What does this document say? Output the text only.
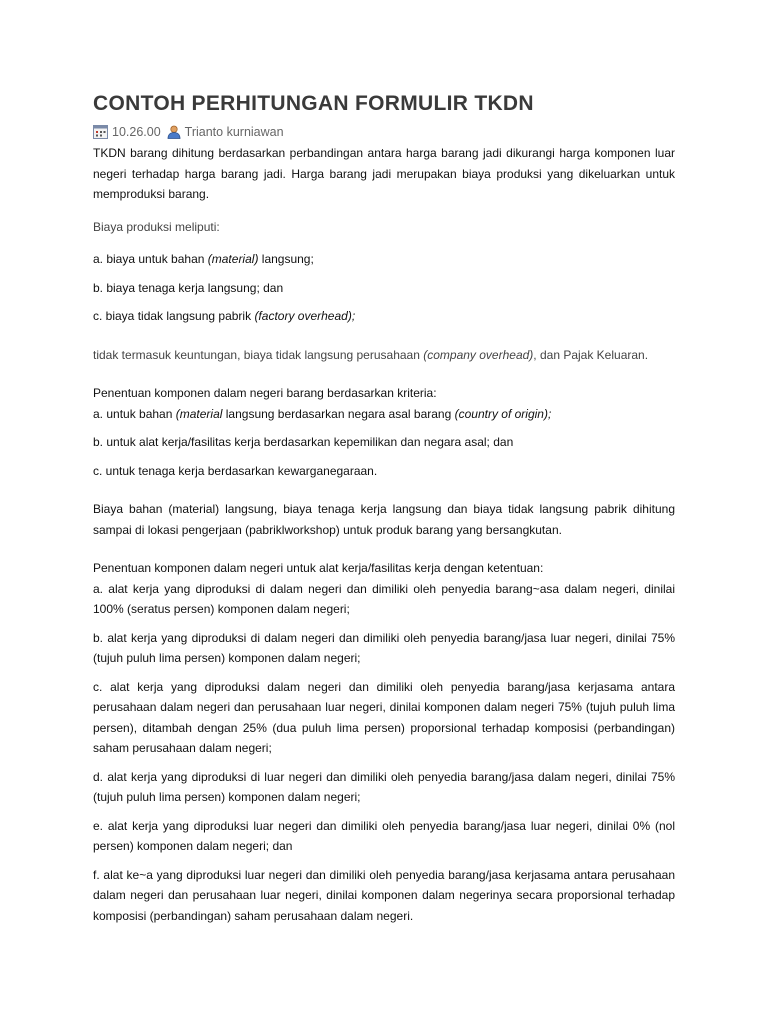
CONTOH PERHITUNGAN FORMULIR TKDN
10.26.00 Trianto kurniawan

TKDN barang dihitung berdasarkan perbandingan antara harga barang jadi dikurangi harga komponen luar negeri terhadap harga barang jadi. Harga barang jadi merupakan biaya produksi yang dikeluarkan untuk memproduksi barang.

Biaya produksi meliputi:

a. biaya untuk bahan (material) langsung;

b. biaya tenaga kerja langsung; dan

c. biaya tidak langsung pabrik (factory overhead);

tidak termasuk keuntungan, biaya tidak langsung perusahaan (company overhead), dan Pajak Keluaran.

Penentuan komponen dalam negeri barang berdasarkan kriteria:

a. untuk bahan (material langsung berdasarkan negara asal barang (country of origin);

b. untuk alat kerja/fasilitas kerja berdasarkan kepemilikan dan negara asal; dan

c. untuk tenaga kerja berdasarkan kewarganegaraan.

Biaya bahan (material) langsung, biaya tenaga kerja langsung dan biaya tidak langsung pabrik dihitung sampai di lokasi pengerjaan (pabriklworkshop) untuk produk barang yang bersangkutan.

Penentuan komponen dalam negeri untuk alat kerja/fasilitas kerja dengan ketentuan:

a. alat kerja yang diproduksi di dalam negeri dan dimiliki oleh penyedia barang~asa dalam negeri, dinilai 100% (seratus persen) komponen dalam negeri;

b. alat kerja yang diproduksi di dalam negeri dan dimiliki oleh penyedia barang/jasa luar negeri, dinilai 75% (tujuh puluh lima persen) komponen dalam negeri;

c. alat kerja yang diproduksi dalam negeri dan dimiliki oleh penyedia barang/jasa kerjasama antara perusahaan dalam negeri dan perusahaan luar negeri, dinilai komponen dalam negeri 75% (tujuh puluh lima persen), ditambah dengan 25% (dua puluh lima persen) proporsional terhadap komposisi (perbandingan) saham perusahaan dalam negeri;

d. alat kerja yang diproduksi di luar negeri dan dimiliki oleh penyedia barang/jasa dalam negeri, dinilai 75% (tujuh puluh lima persen) komponen dalam negeri;

e. alat kerja yang diproduksi luar negeri dan dimiliki oleh penyedia barang/jasa luar negeri, dinilai 0% (nol persen) komponen dalam negeri; dan

f. alat ke~a yang diproduksi luar negeri dan dimiliki oleh penyedia barang/jasa kerjasama antara perusahaan dalam negeri dan perusahaan luar negeri, dinilai komponen dalam negerinya secara proporsional terhadap komposisi (perbandingan) saham perusahaan dalam negeri.
